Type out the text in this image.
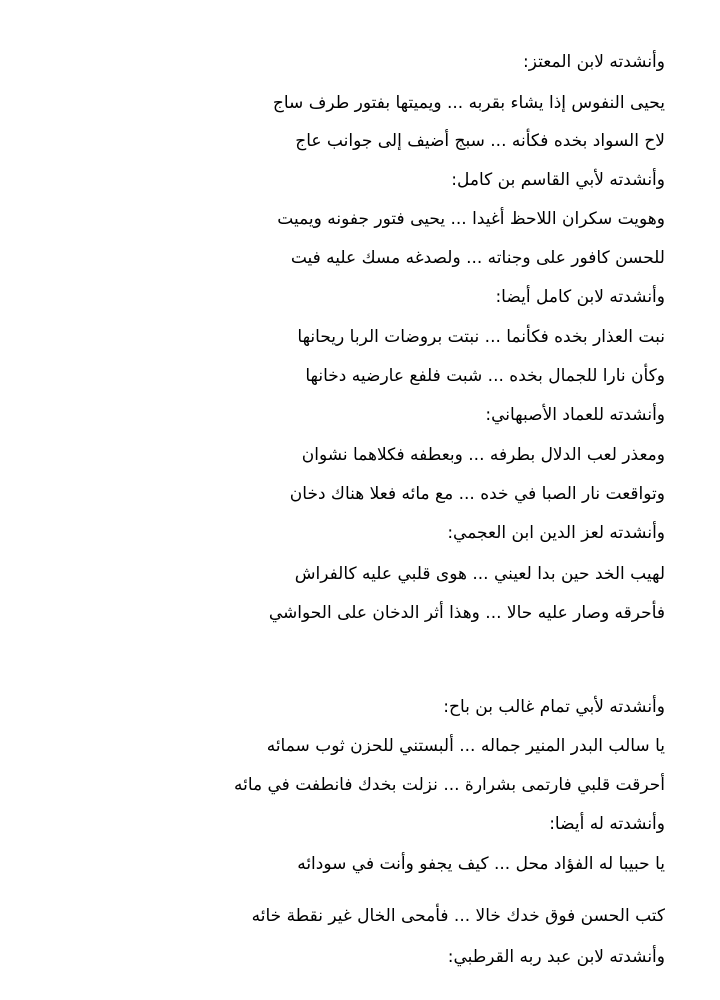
وأنشدته لابن المعتز:
يحيى النفوس إذا يشاء بقربه ... ويميتها بفتور طرف ساج
لاح السواد بخده فكأنه ... سبج أضيف إلى جوانب عاج
وأنشدته لأبي القاسم بن كامل:
وهويت سكران اللاحظ أغيدا ... يحيى فتور جفونه ويميت
للحسن كافور على وجناته ... ولصدغه مسك عليه فيت
وأنشدته لابن كامل أيضا:
نبت العذار بخده فكأنما ... نبتت بروضات الربا ريحانها
وكأن نارا للجمال بخده ... شبت فلفع عارضيه دخانها
وأنشدته للعماد الأصبهاني:
ومعذر لعب الدلال بطرفه ... وبعطفه فكلاهما نشوان
وتواقعت نار الصبا في خده ... مع مائه فعلا هناك دخان
وأنشدته لعز الدين ابن العجمي:
لهيب الخد حين بدا لعيني ... هوى قلبي عليه كالفراش
فأحرقه وصار عليه حالا ... وهذا أثر الدخان على الحواشي
وأنشدته لأبي تمام غالب بن باح:
يا سالب البدر المنير جماله ... ألبستني للحزن ثوب سمائه
أحرقت قلبي فارتمى بشرارة ... نزلت بخدك فانطفت في مائه
وأنشدته له أيضا:
يا حبيبا له الفؤاد محل ... كيف يجفو وأنت في سودائه
كتب الحسن فوق خدك خالا ... فأمحى الخال غير نقطة خائه
وأنشدته لابن عبد ربه القرطبي:
